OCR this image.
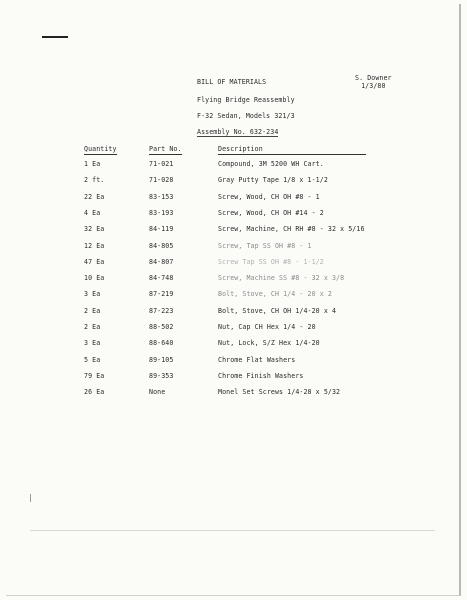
BILL OF MATERIALS
Flying Bridge Reassembly
F-32 Sedan, Models 321/3
Assembly No. 632-234
S. Downer
1/3/80
Quantity	Part No.	Description
1 Ea	71-021	Compound, 3M 5200 WH Cart.
2 ft.	71-028	Gray Putty Tape 1/8 x 1-1/2
22 Ea	83-153	Screw, Wood, CH OH #8 - 1
4 Ea	83-193	Screw, Wood, CH OH #14 - 2
32 Ea	84-119	Screw, Machine, CH RH #8 - 32 x 5/16
12 Ea	84-805	Screw, Tap SS OH #8 - 1
47 Ea	84-807	Screw Tap SS OH #8 - 1-1/2
10 Ea	84-748	Screw, Machine SS #8 - 32 x 3/8
3 Ea	87-219	Bolt, Stove, CH 1/4 - 20 x 2
2 Ea	87-223	Bolt, Stove, CH OH 1/4-20 x 4
2 Ea	88-502	Nut, Cap CH Hex 1/4 - 20
3 Ea	88-640	Nut, Lock, S/Z Hex 1/4-20
5 Ea	89-105	Chrome Flat Washers
79 Ea	89-353	Chrome Finish Washers
26 Ea	None	Monel Set Screws 1/4-28 x 5/32
